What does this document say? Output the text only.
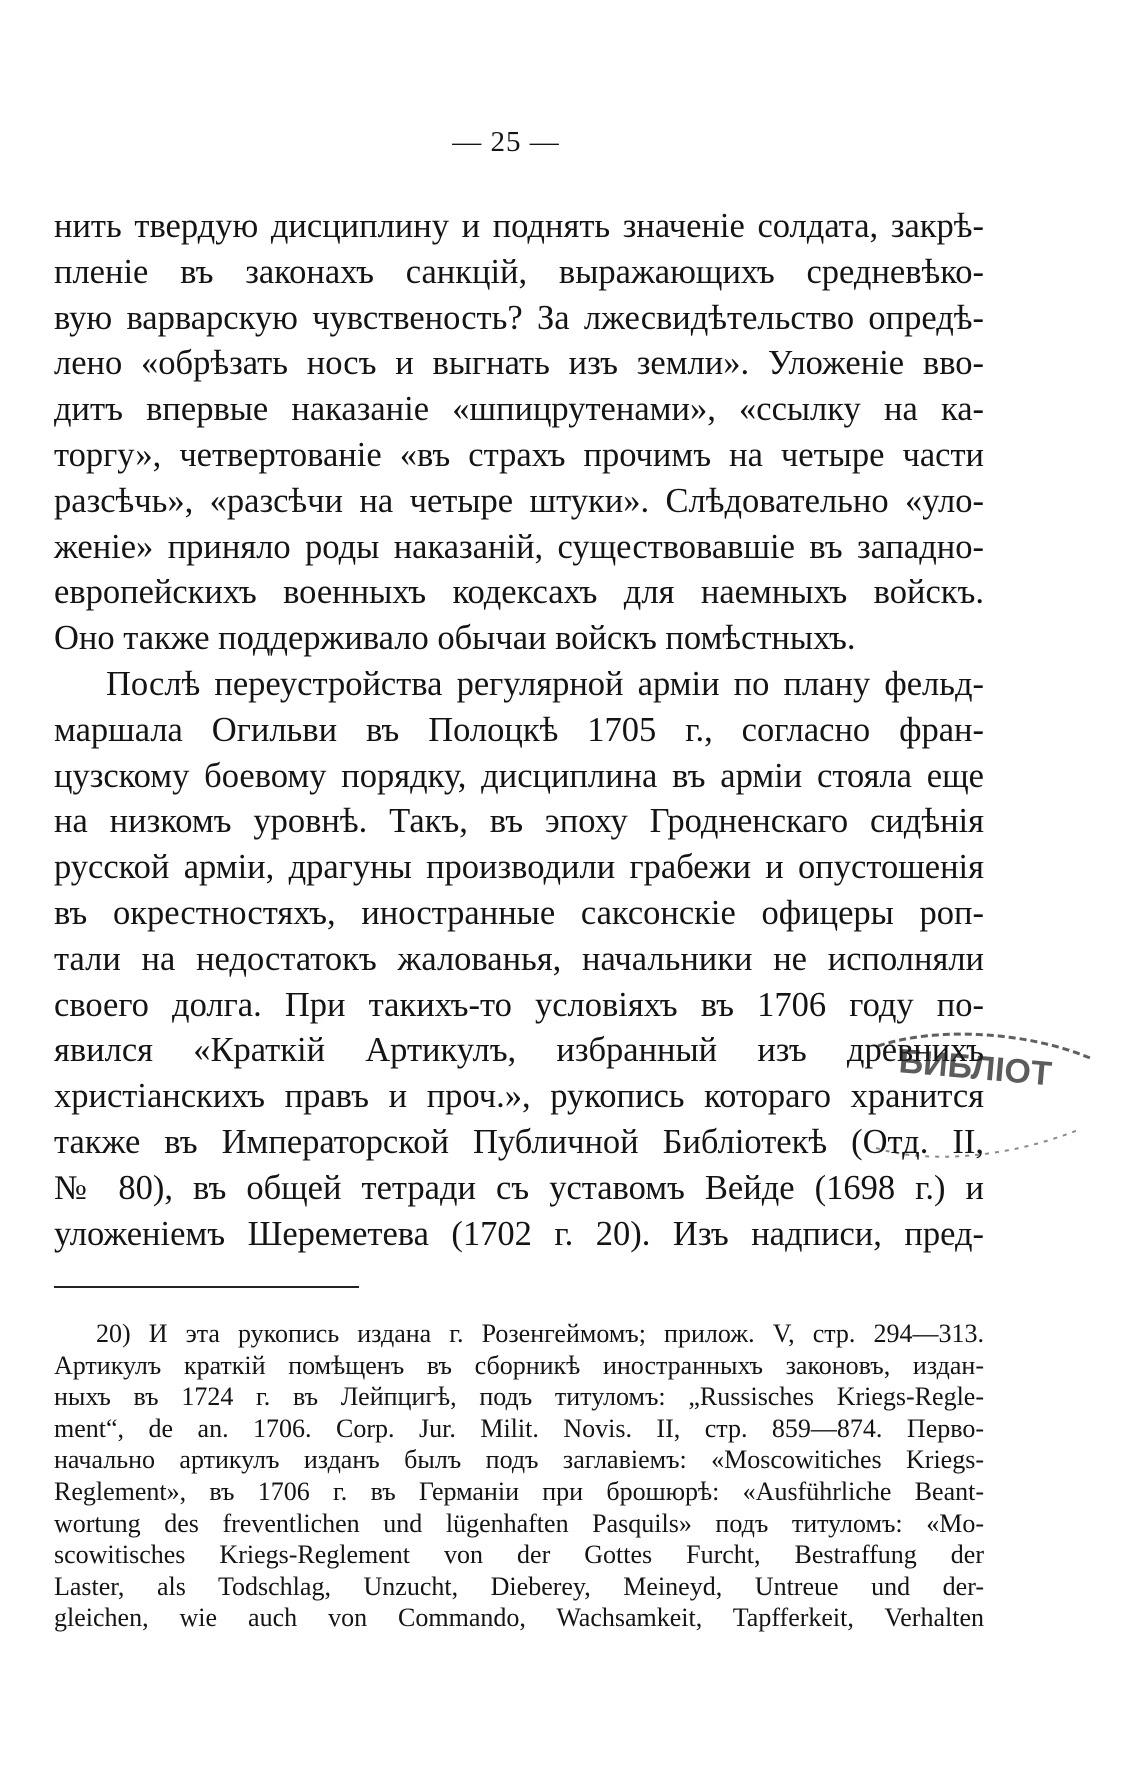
— 25 —
нить твердую дисциплину и поднять значеніе солдата, закрѣ-
пленіе въ законахъ санкцій, выражающихъ средневѣко-
вую варварскую чувственость? За лжесвидѣтельство опредѣ-
лено «обрѣзать носъ и выгнать изъ земли». Уложеніе вво-
дитъ впервые наказаніе «шпицрутенами», «ссылку на ка-
торгу», четвертованіе «въ страхъ прочимъ на четыре части
разсѣчь», «разсѣчи на четыре штуки». Слѣдовательно «уло-
женіе» приняло роды наказаній, существовавшіе въ западно-
европейскихъ военныхъ кодексахъ для наемныхъ войскъ.
Оно также поддерживало обычаи войскъ помѣстныхъ.
Послѣ переустройства регулярной арміи по плану фельд-
маршала Огильви въ Полоцкѣ 1705 г., согласно фран-
цузскому боевому порядку, дисциплина въ арміи стояла еще
на низкомъ уровнѣ. Такъ, въ эпоху Гродненскаго сидѣнія
русской арміи, драгуны производили грабежи и опустошенія
въ окрестностяхъ, иностранные саксонскіе офицеры роп-
тали на недостатокъ жалованья, начальники не исполняли
своего долга. При такихъ-то условіяхъ въ 1706 году по-
явился «Краткій Артикулъ, избранный изъ древнихъ
христіанскихъ правъ и проч.», рукопись котораго хранится
также въ Императорской Публичной Библіотекѣ (Отд. II,
№ 80), въ общей тетради съ уставомъ Вейде (1698 г.) и
уложеніемъ Шереметева (1702 г. 20). Изъ надписи, пред-
20) И эта рукопись издана г. Розенгеймомъ; прилож. V, стр. 294—313.
Артикулъ краткій помѣщенъ въ сборникѣ иностранныхъ законовъ, издан-
ныхъ въ 1724 г. въ Лейпцигѣ, подъ титуломъ: „Russisches Kriegs-Regle-
ment“, de an. 1706. Corp. Jur. Milit. Novis. II, стр. 859—874. Перво-
начально артикулъ изданъ былъ подъ заглавіемъ: «Moscowitiches Kriegs-
Reglement», въ 1706 г. въ Германіи при брошюрѣ: «Ausführliche Beant-
wortung des freventlichen und lügenhaften Pasquils» подъ титуломъ: «Mo-
scowitisches Kriegs-Reglement von der Gottes Furcht, Bestraffung der
Laster, als Todschlag, Unzucht, Dieberey, Meineyd, Untreue und der-
gleichen, wie auch von Commando, Wachsamkeit, Tapfferkeit, Verhalten
БИБЛІОТ
